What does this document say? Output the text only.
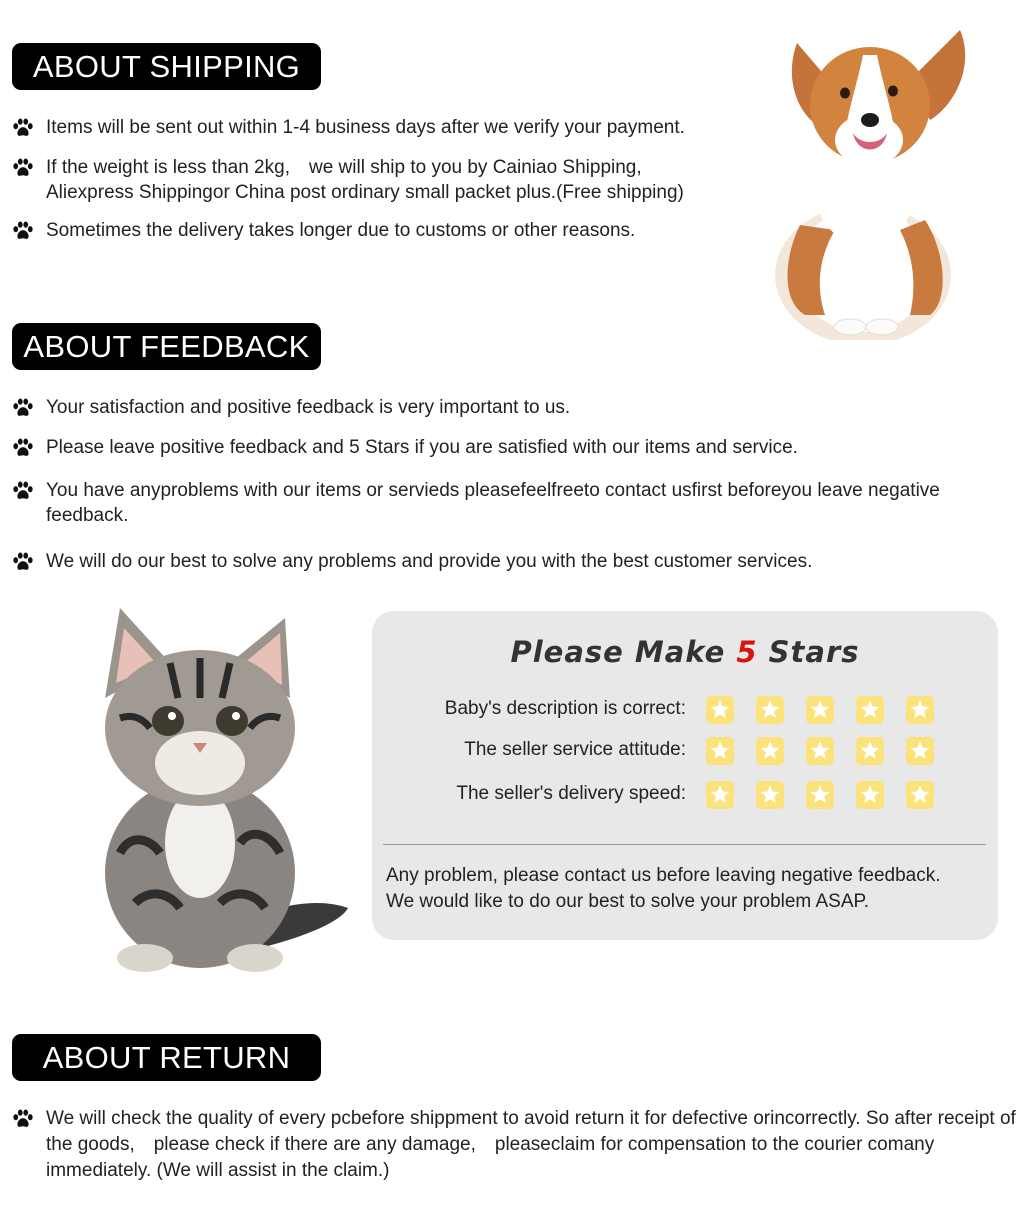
ABOUT SHIPPING
Items will be sent out within 1-4 business days after we verify your payment.
If the weight is less than 2kg,　we will ship to you by Cainiao Shipping,
Aliexpress Shippingor China post ordinary small packet plus.(Free shipping)
Sometimes the delivery takes longer due to customs or other reasons.
ABOUT FEEDBACK
Your satisfaction and positive feedback is very important to us.
Please leave positive feedback and 5 Stars if you are satisfied with our items and service.
You have anyproblems with our items or servieds pleasefeelfreeto contact usfirst beforeyou leave negative feedback.
We will do our best to solve any problems and provide you with the best customer services.
Please Make 5 Stars
Baby's description is correct:
The seller service attitude:
The seller's delivery speed:
Any problem, please contact us before leaving negative feedback.
We would like to do our best to solve your problem ASAP.
ABOUT RETURN
We will check the quality of every pcbefore shippment to avoid return it for defective orincorrectly. So after receipt of the goods,　please check if there are any damage,　pleaseclaim for compensation to the courier comany immediately. (We will assist in the claim.)
